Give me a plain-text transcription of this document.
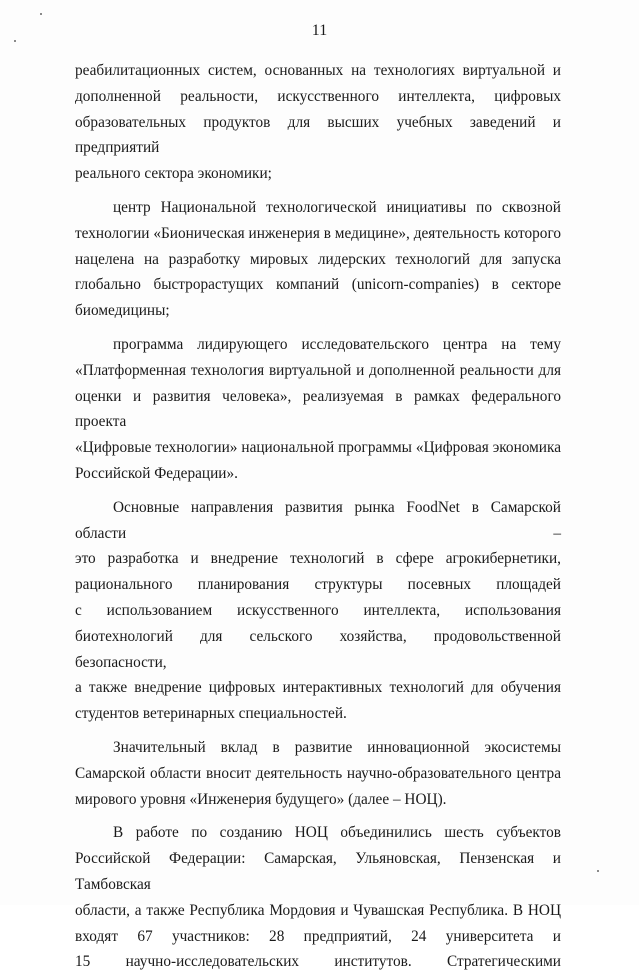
11

реабилитационных систем, основанных на технологиях виртуальной и
дополненной реальности, искусственного интеллекта, цифровых
образовательных продуктов для высших учебных заведений и предприятий
реального сектора экономики;

центр Национальной технологической инициативы по сквозной
технологии «Бионическая инженерия в медицине», деятельность которого
нацелена на разработку мировых лидерских технологий для запуска
глобально быстрорастущих компаний (unicorn-companies) в секторе
биомедицины;

программа лидирующего исследовательского центра на тему
«Платформенная технология виртуальной и дополненной реальности для
оценки и развития человека», реализуемая в рамках федерального проекта
«Цифровые технологии» национальной программы «Цифровая экономика
Российской Федерации».

Основные направления развития рынка FoodNet в Самарской области –
это разработка и внедрение технологий в сфере агрокибернетики,
рационального планирования структуры посевных площадей
с использованием искусственного интеллекта, использования
биотехнологий для сельского хозяйства, продовольственной безопасности,
а также внедрение цифровых интерактивных технологий для обучения
студентов ветеринарных специальностей.

Значительный вклад в развитие инновационной экосистемы
Самарской области вносит деятельность научно-образовательного центра
мирового уровня «Инженерия будущего» (далее – НОЦ).

В работе по созданию НОЦ объединились шесть субъектов
Российской Федерации: Самарская, Ульяновская, Пензенская и Тамбовская
области, а также Республика Мордовия и Чувашская Республика. В НОЦ
входят 67 участников: 28 предприятий, 24 университета и
15 научно-исследовательских институтов. Стратегическими
